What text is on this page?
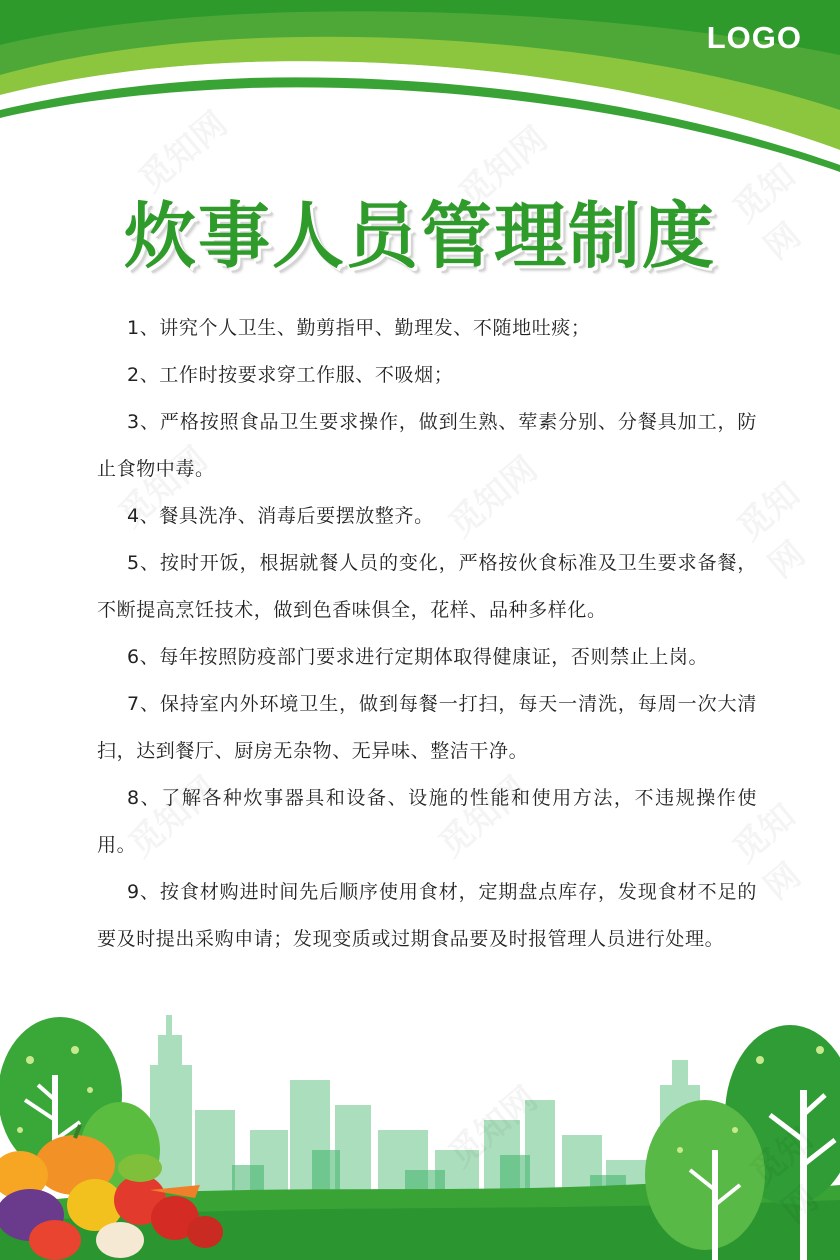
LOGO
炊事人员管理制度
1、讲究个人卫生、勤剪指甲、勤理发、不随地吐痰；
2、工作时按要求穿工作服、不吸烟；
3、严格按照食品卫生要求操作，做到生熟、荤素分别、分餐具加工，防止食物中毒。
4、餐具洗净、消毒后要摆放整齐。
5、按时开饭，根据就餐人员的变化，严格按伙食标准及卫生要求备餐，不断提高烹饪技术，做到色香味俱全，花样、品种多样化。
6、每年按照防疫部门要求进行定期体取得健康证，否则禁止上岗。
7、保持室内外环境卫生，做到每餐一打扫，每天一清洗，每周一次大清扫，达到餐厅、厨房无杂物、无异味、整洁干净。
8、了解各种炊事器具和设备、设施的性能和使用方法，不违规操作使用。
9、按食材购进时间先后顺序使用食材，定期盘点库存，发现食材不足的要及时提出采购申请；发现变质或过期食品要及时报管理人员进行处理。
